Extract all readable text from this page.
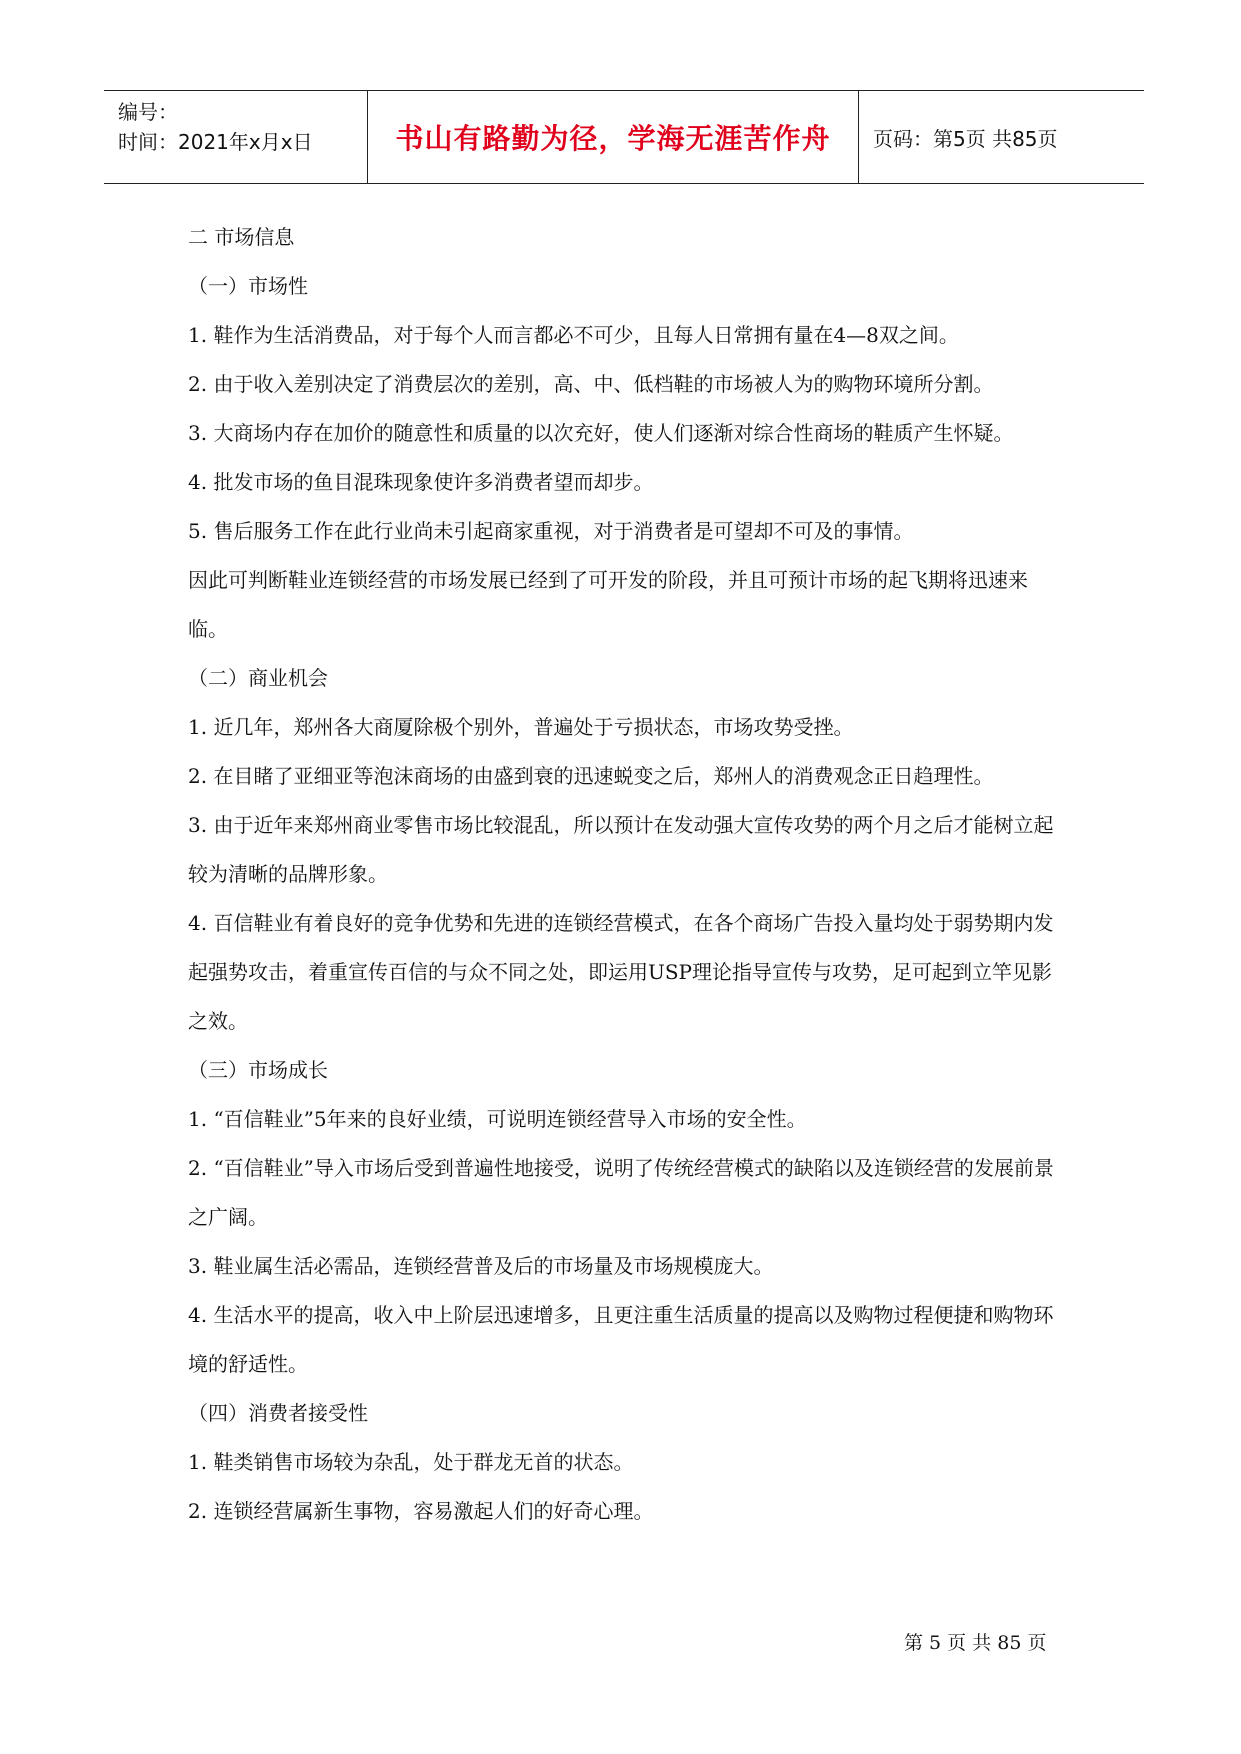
编号：
时间：2021年x月x日	书山有路勤为径，学海无涯苦作舟	页码：第5页 共85页

二 市场信息

（一）市场性

1. 鞋作为生活消费品，对于每个人而言都必不可少，且每人日常拥有量在4—8双之间。

2. 由于收入差别决定了消费层次的差别，高、中、低档鞋的市场被人为的购物环境所分割。

3. 大商场内存在加价的随意性和质量的以次充好，使人们逐渐对综合性商场的鞋质产生怀疑。

4. 批发市场的鱼目混珠现象使许多消费者望而却步。

5. 售后服务工作在此行业尚未引起商家重视，对于消费者是可望却不可及的事情。

因此可判断鞋业连锁经营的市场发展已经到了可开发的阶段，并且可预计市场的起飞期将迅速来临。

（二）商业机会

1. 近几年，郑州各大商厦除极个别外，普遍处于亏损状态，市场攻势受挫。

2. 在目睹了亚细亚等泡沫商场的由盛到衰的迅速蜕变之后，郑州人的消费观念正日趋理性。

3. 由于近年来郑州商业零售市场比较混乱，所以预计在发动强大宣传攻势的两个月之后才能树立起较为清晰的品牌形象。

4. 百信鞋业有着良好的竞争优势和先进的连锁经营模式，在各个商场广告投入量均处于弱势期内发起强势攻击，着重宣传百信的与众不同之处，即运用USP理论指导宣传与攻势，足可起到立竿见影之效。

（三）市场成长

1. “百信鞋业”5年来的良好业绩，可说明连锁经营导入市场的安全性。

2. “百信鞋业”导入市场后受到普遍性地接受，说明了传统经营模式的缺陷以及连锁经营的发展前景之广阔。

3. 鞋业属生活必需品，连锁经营普及后的市场量及市场规模庞大。

4. 生活水平的提高，收入中上阶层迅速增多，且更注重生活质量的提高以及购物过程便捷和购物环境的舒适性。

（四）消费者接受性

1. 鞋类销售市场较为杂乱，处于群龙无首的状态。

2. 连锁经营属新生事物，容易激起人们的好奇心理。

第 5 页 共 85 页
